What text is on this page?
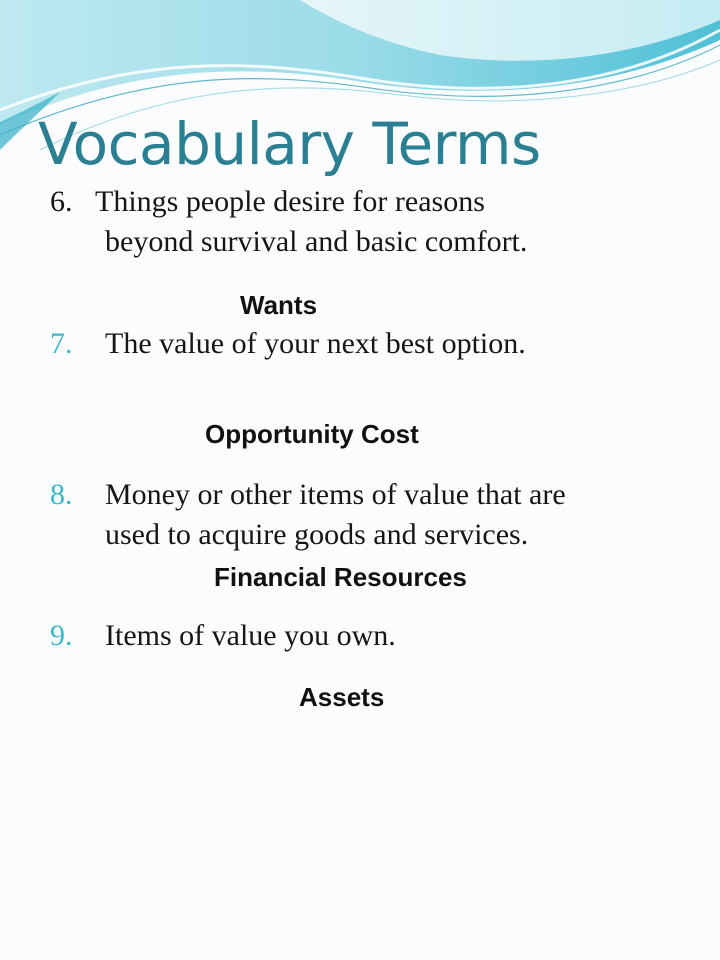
Vocabulary Terms
6. Things people desire for reasons
beyond survival and basic comfort.

Wants

7. The value of your next best option.

Opportunity Cost

8. Money or other items of value that are
used to acquire goods and services.

Financial Resources

9. Items of value you own.

Assets
